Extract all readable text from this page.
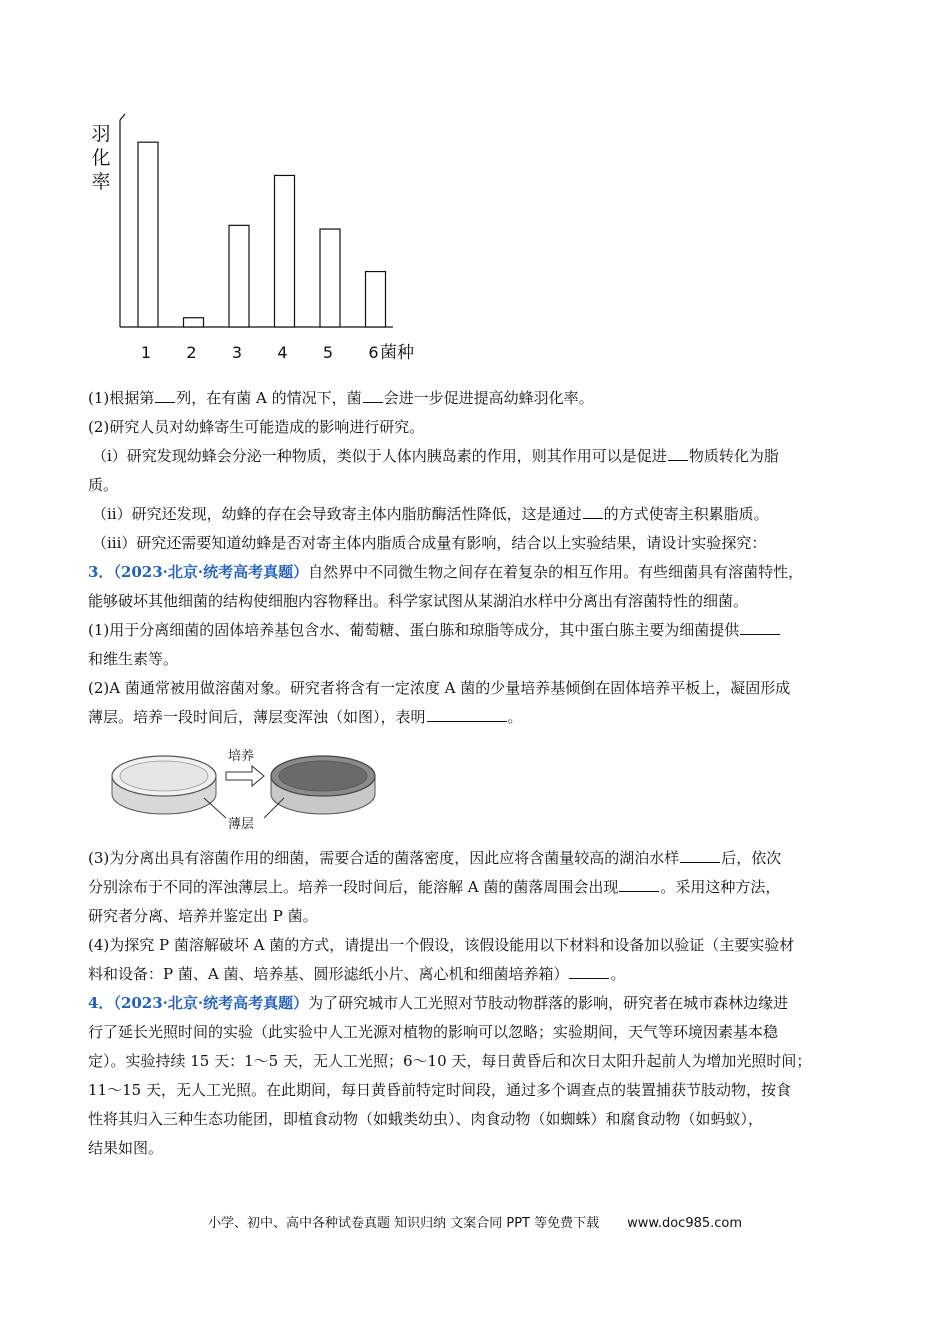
羽
化
率
1 2 3 4 5 6 菌种

(1)根据第 列，在有菌 A 的情况下，菌 会进一步促进提高幼蜂羽化率。

(2)研究人员对幼蜂寄生可能造成的影响进行研究。

（i）研究发现幼蜂会分泌一种物质，类似于人体内胰岛素的作用，则其作用可以是促进 物质转化为脂

质。

（ii）研究还发现，幼蜂的存在会导致寄主体内脂肪酶活性降低，这是通过 的方式使寄主积累脂质。

（iii）研究还需要知道幼蜂是否对寄主体内脂质合成量有影响，结合以上实验结果，请设计实验探究：

3．（2023·北京·统考高考真题）自然界中不同微生物之间存在着复杂的相互作用。有些细菌具有溶菌特性，

能够破坏其他细菌的结构使细胞内容物释出。科学家试图从某湖泊水样中分离出有溶菌特性的细菌。

(1)用于分离细菌的固体培养基包含水、葡萄糖、蛋白胨和琼脂等成分，其中蛋白胨主要为细菌提供

和维生素等。

(2)A 菌通常被用做溶菌对象。研究者将含有一定浓度 A 菌的少量培养基倾倒在固体培养平板上，凝固形成

薄层。培养一段时间后，薄层变浑浊（如图），表明	。

培养
薄层

(3)为分离出具有溶菌作用的细菌，需要合适的菌落密度，因此应将含菌量较高的湖泊水样	后，依次

分别涂布于不同的浑浊薄层上。培养一段时间后，能溶解 A 菌的菌落周围会出现	。采用这种方法，

研究者分离、培养并鉴定出 P 菌。

(4)为探究 P 菌溶解破坏 A 菌的方式，请提出一个假设，该假设能用以下材料和设备加以验证（主要实验材

料和设备：P 菌、A 菌、培养基、圆形滤纸小片、离心机和细菌培养箱）	。

4．（2023·北京·统考高考真题）为了研究城市人工光照对节肢动物群落的影响，研究者在城市森林边缘进

行了延长光照时间的实验（此实验中人工光源对植物的影响可以忽略；实验期间，天气等环境因素基本稳

定）。实验持续 15 天：1～5 天，无人工光照；6～10 天，每日黄昏后和次日太阳升起前人为增加光照时间；

11～15 天，无人工光照。在此期间，每日黄昏前特定时间段，通过多个调查点的装置捕获节肢动物，按食

性将其归入三种生态功能团，即植食动物（如蛾类幼虫）、肉食动物（如蜘蛛）和腐食动物（如蚂蚁），

结果如图。

小学、初中、高中各种试卷真题 知识归纳 文案合同 PPT 等免费下载 www.doc985.com
